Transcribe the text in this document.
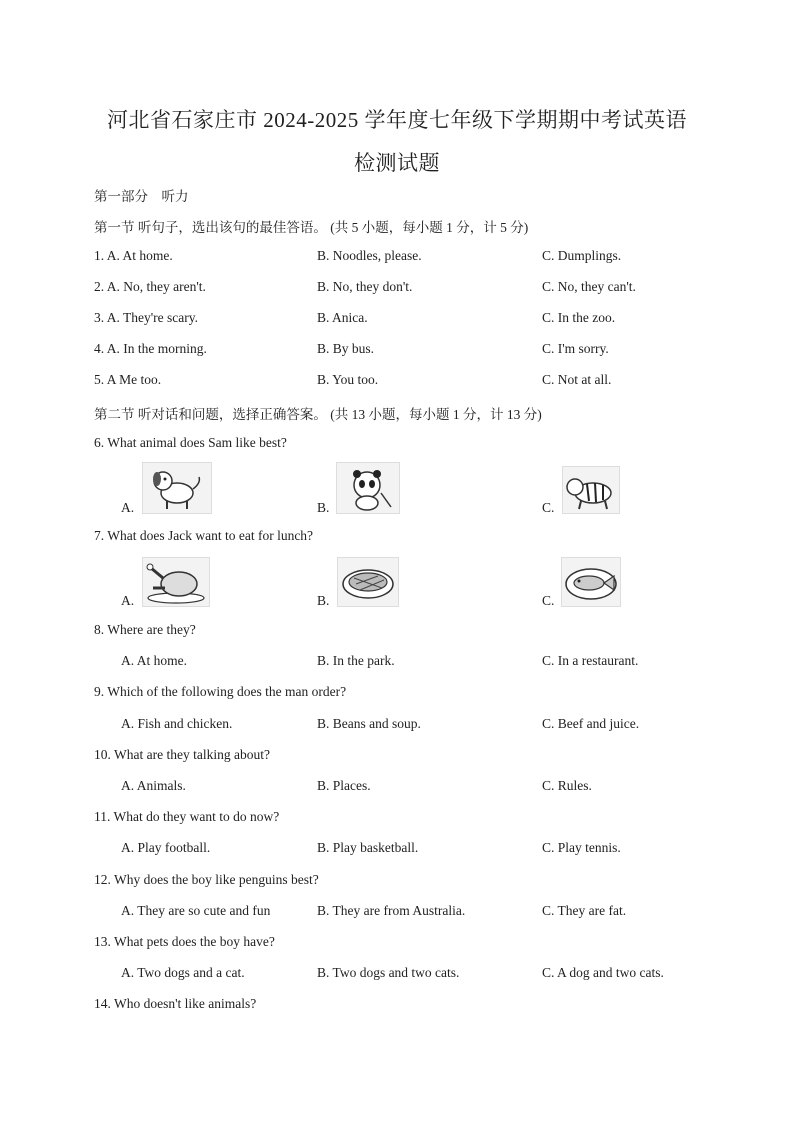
河北省石家庄市 2024-2025 学年度七年级下学期期中考试英语
检测试题
第一部分　听力
第一节 听句子，选出该句的最佳答语。 (共 5 小题，每小题 1 分，计 5 分)
1. A. At home.	B. Noodles, please.	C. Dumplings.
2. A. No, they aren't.	B. No, they don't.	C. No, they can't.
3. A. They're scary.	B. Anica.	C. In the zoo.
4. A. In the morning.	B. By bus.	C. I'm sorry.
5. A Me too.	B. You too.	C. Not at all.
第二节 听对话和问题，选择正确答案。 (共 13 小题，每小题 1 分，计 13 分)
6. What animal does Sam like best?
A.	B.	C.
7. What does Jack want to eat for lunch?
A.	B.	C.
8. Where are they?
A. At home.	B. In the park.	C. In a restaurant.
9. Which of the following does the man order?
A. Fish and chicken.	B. Beans and soup.	C. Beef and juice.
10. What are they talking about?
A. Animals.	B. Places.	C. Rules.
11. What do they want to do now?
A. Play football.	B. Play basketball.	C. Play tennis.
12. Why does the boy like penguins best?
A. They are so cute and fun	B. They are from Australia.	C. They are fat.
13. What pets does the boy have?
A. Two dogs and a cat.	B. Two dogs and two cats.	C. A dog and two cats.
14. Who doesn't like animals?
